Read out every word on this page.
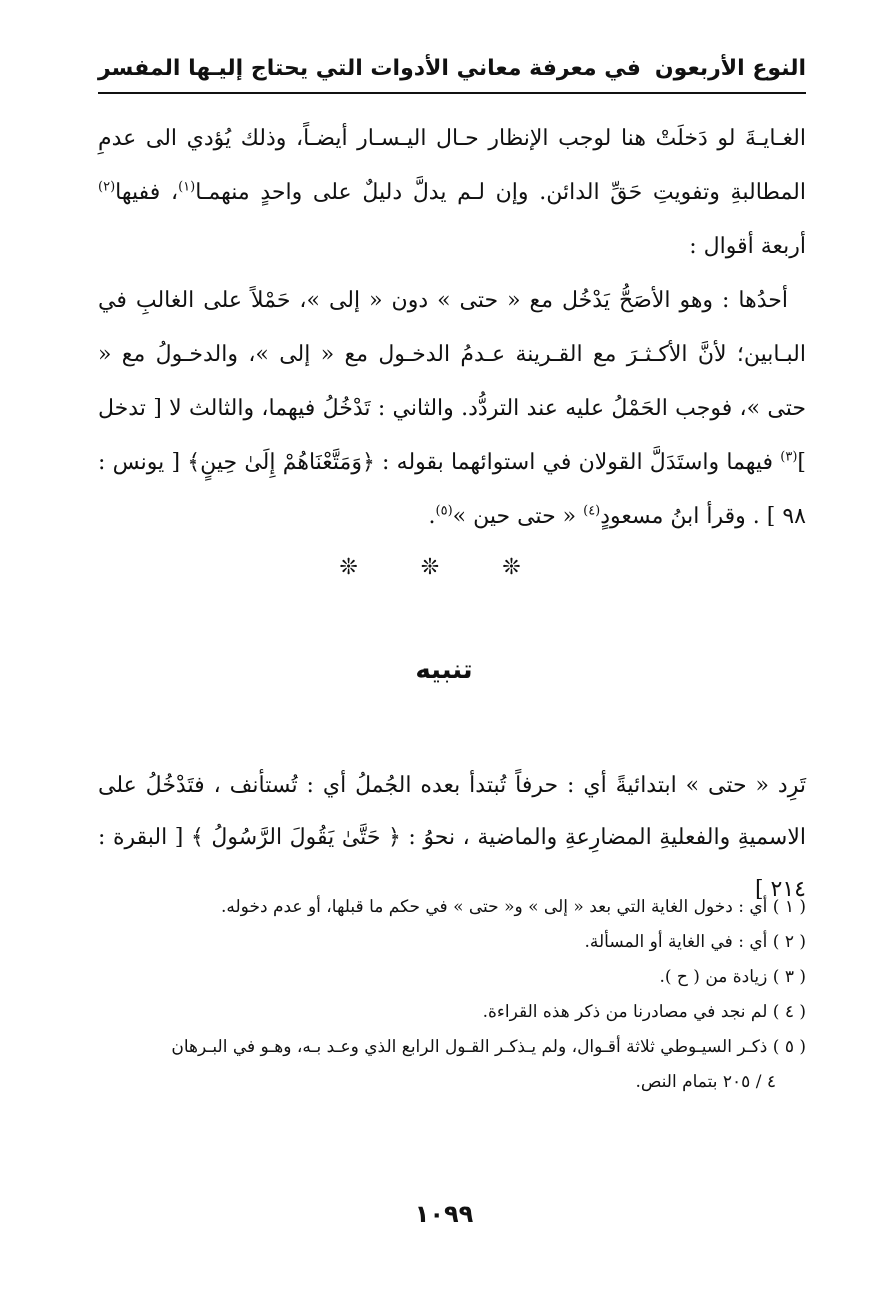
النوع الأربعون
في معرفة معاني الأدوات التي يحتاج إليـها المفسر

الغـايـةَ لو دَخلَتْ هنا لوجب الإنظار حـال اليـسـار أيضـاً، وذلك يُؤدي الى عدمِ المطالبةِ وتفويتِ حَقِّ الدائن. وإن لـم يدلَّ دليلٌ على واحدٍ منهمـا$^{(١)}$، ففيها$^{(٢)}$ أربعة أقوال :

أحدُها : وهو الأصَحُّ يَدْخُل مع « حتى » دون « إلى »، حَمْلاً على الغالبِ في البـابين؛ لأنَّ الأكـثـرَ مع القـرينة عـدمُ الدخـول مع « إلى »، والدخـولُ مع « حتى »، فوجب الحَمْلُ عليه عند التردُّد. والثاني : تَدْخُلُ فيهما، والثالث لا [ تدخل ]$^{(٣)}$ فيهما واستَدَلَّ القولان في استوائهما بقوله : ﴿وَمَتَّعْنَاهُمْ إِلَىٰ حِينٍ﴾ [ يونس : ٩٨ ] . وقرأ ابنُ مسعودٍ$^{(٤)}$ « حتى حين »$^{(٥)}$.

❊ ❊ ❊
تنبيه

تَرِد « حتى » ابتدائيةً أي : حرفاً تُبتدأ بعده الجُملُ أي : تُستأنف ، فتَدْخُلُ على الاسميةِ والفعليةِ المضارِعةِ والماضية ، نحوُ : ﴿ حَتَّىٰ يَقُولَ الرَّسُولُ ﴾ [ البقرة : ٢١٤ ]

( ١ ) أي : دخول الغاية التي بعد « إلى » و« حتى » في حكم ما قبلها، أو عدم دخوله.

( ٢ ) أي : في الغاية أو المسألة.

( ٣ ) زيادة من ( ح ).

( ٤ ) لم نجد في مصادرنا من ذكر هذه القراءة.

( ٥ ) ذكـر السيـوطي ثلاثة أقـوال، ولم يـذكـر القـول الرابع الذي وعـد بـه، وهـو في البـرهان

٤ / ٢٠٥ بتمام النص.

١٠٩٩
